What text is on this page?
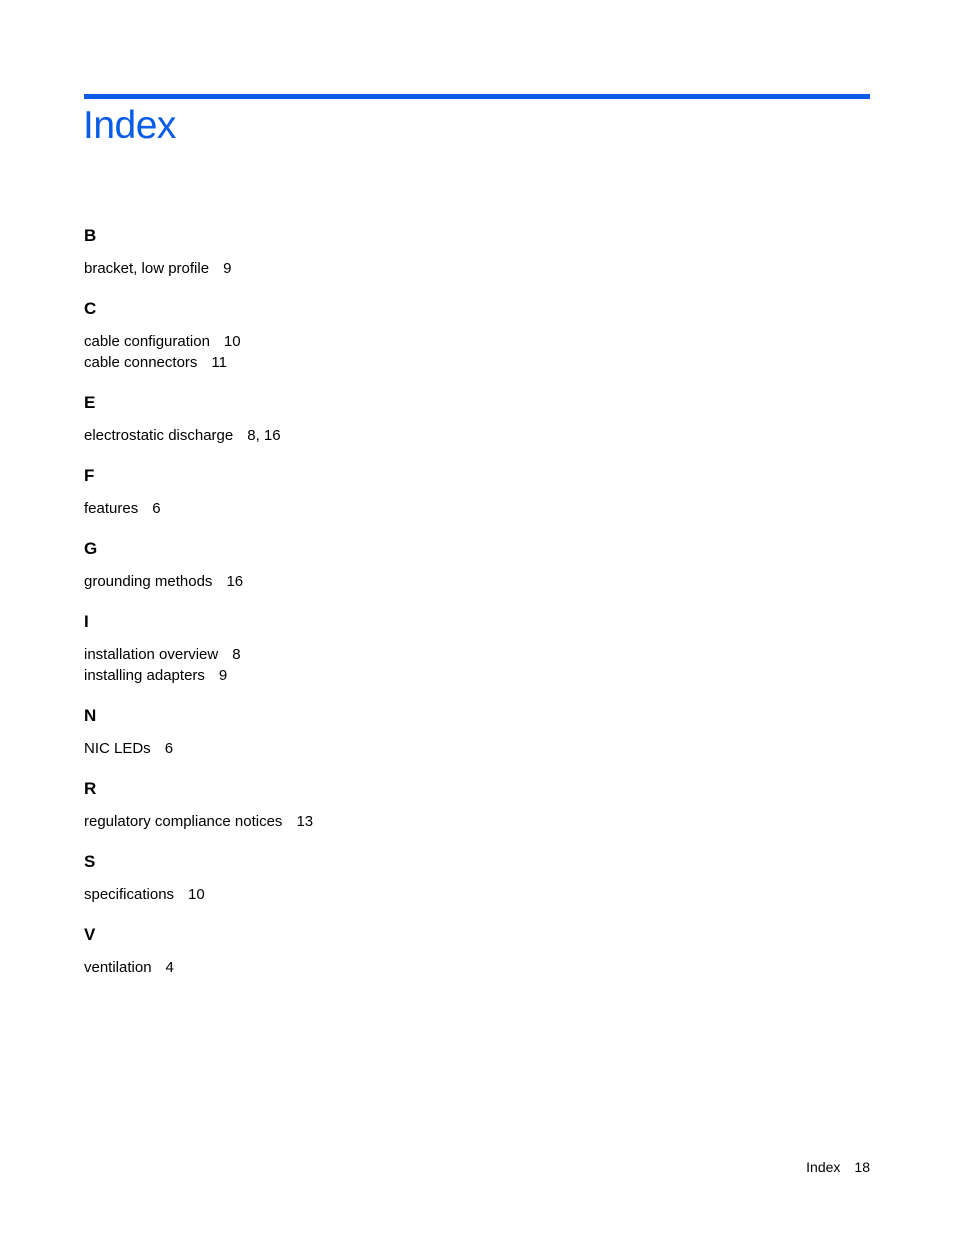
Index
B
bracket, low profile 9
C
cable configuration 10
cable connectors 11
E
electrostatic discharge 8, 16
F
features 6
G
grounding methods 16
I
installation overview 8
installing adapters 9
N
NIC LEDs 6
R
regulatory compliance notices 13
S
specifications 10
V
ventilation 4
Index 18
